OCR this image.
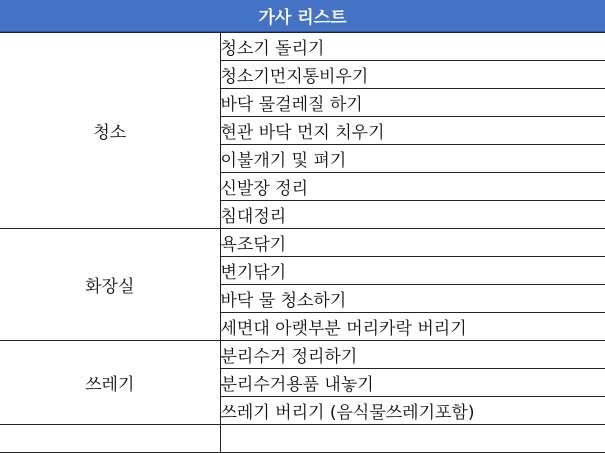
가사 리스트
청소	청소기 돌리기
	청소기먼지통비우기
	바닥 물걸레질 하기
	현관 바닥 먼지 치우기
	이불개기 및 펴기
	신발장 정리
	침대정리
화장실	욕조닦기
	변기닦기
	바닥 물 청소하기
	세면대 아랫부분 머리카락 버리기
쓰레기	분리수거 정리하기
	분리수거용품 내놓기
	쓰레기 버리기 (음식물쓰레기포함)
